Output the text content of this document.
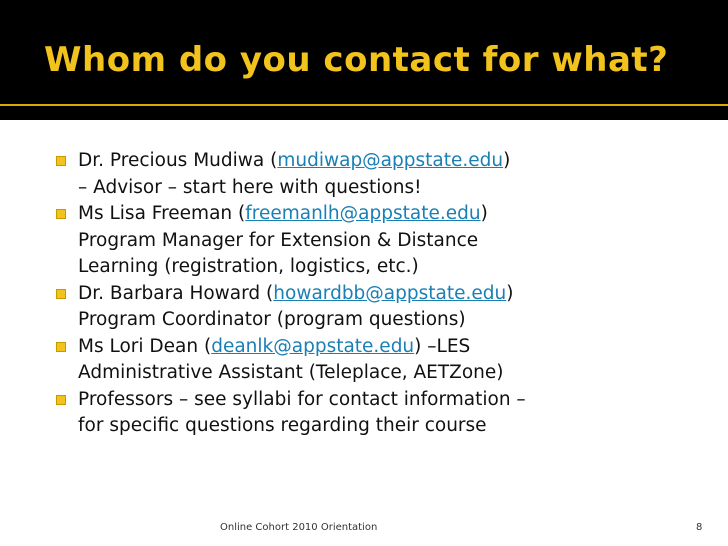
Whom do you contact for what?
Dr. Precious Mudiwa (mudiwap@appstate.edu)
– Advisor – start here with questions!
Ms Lisa Freeman (freemanlh@appstate.edu)
Program Manager for Extension & Distance
Learning (registration, logistics, etc.)
Dr. Barbara Howard (howardbb@appstate.edu)
Program Coordinator (program questions)
Ms Lori Dean (deanlk@appstate.edu) –LES
Administrative Assistant (Teleplace, AETZone)
Professors – see syllabi for contact information –
for specific questions regarding their course
Online Cohort 2010 Orientation	8
